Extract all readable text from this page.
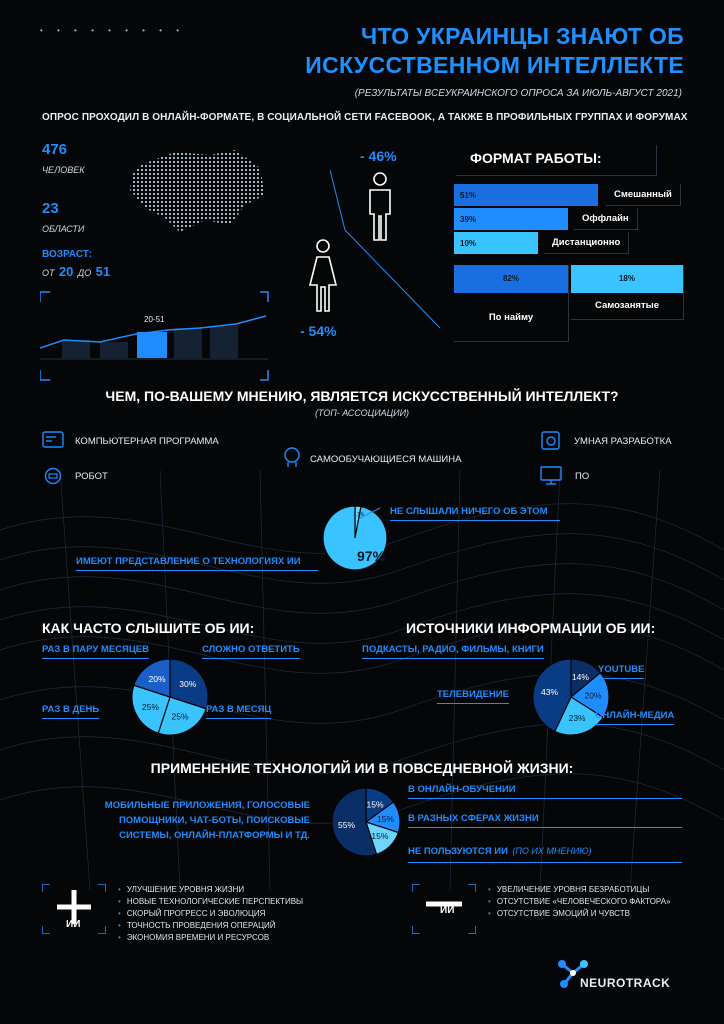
• • • • • • • • •	ЧТО УКРАИНЦЫ ЗНАЮТ ОБ
ИСКУССТВЕННОМ ИНТЕЛЛЕКТЕ
(РЕЗУЛЬТАТЫ ВСЕУКРАИНСКОГО ОПРОСА ЗА ИЮЛЬ-АВГУСТ 2021)
ОПРОС ПРОХОДИЛ В ОНЛАЙН-ФОРМАТЕ, В СОЦИАЛЬНОЙ СЕТИ FACEBOOK, А ТАКЖЕ В ПРОФИЛЬНЫХ ГРУППАХ И ФОРУМАХ
476
ЧЕЛОВЕК
23
ОБЛАСТИ
ВОЗРАСТ:
ОТ 20 ДО 51
20-51
- 46%
- 54%
ФОРМАТ РАБОТЫ:
51%	Смешанный
39%	Оффлайн
10%	Дистанционно
82%
По найму
18%
Самозанятые
ЧЕМ, ПО-ВАШЕМУ МНЕНИЮ, ЯВЛЯЕТСЯ ИСКУССТВЕННЫЙ ИНТЕЛЛЕКТ?
(ТОП- АССОЦИАЦИИ)
КОМПЬЮТЕРНАЯ ПРОГРАММА
РОБОТ
САМООБУЧАЮЩИЕСЯ МАШИНА
УМНАЯ РАЗРАБОТКА
ПО
97%
3%	НЕ СЛЫШАЛИ НИЧЕГО ОБ ЭТОМ
ИМЕЮТ ПРЕДСТАВЛЕНИЕ О ТЕХНОЛОГИЯХ ИИ
КАК ЧАСТО СЛЫШИТЕ ОБ ИИ:
30%
25%
25%
20%
РАЗ В ПАРУ МЕСЯЦЕВ	СЛОЖНО ОТВЕТИТЬ
РАЗ В ДЕНЬ	РАЗ В МЕСЯЦ
ИСТОЧНИКИ ИНФОРМАЦИИ ОБ ИИ:
14%
20%
23%
43%
ПОДКАСТЫ, РАДИО, ФИЛЬМЫ, КНИГИ
YOUTUBE
ТЕЛЕВИДЕНИЕ
ОНЛАЙН-МЕДИА
ПРИМЕНЕНИЕ ТЕХНОЛОГИЙ ИИ В ПОВСЕДНЕВНОЙ ЖИЗНИ:
МОБИЛЬНЫЕ ПРИЛОЖЕНИЯ, ГОЛОСОВЫЕ ПОМОЩНИКИ, ЧАТ-БОТЫ, ПОИСКОВЫЕ СИСТЕМЫ, ОНЛАЙН-ПЛАТФОРМЫ И ТД.
15%
15%
15%
55%
В ОНЛАЙН-ОБУЧЕНИИ
В РАЗНЫХ СФЕРАХ ЖИЗНИ
НЕ ПОЛЬЗУЮТСЯ ИИ (ПО ИХ МНЕНИЮ)
ИИ
• УЛУЧШЕНИЕ УРОВНЯ ЖИЗНИ
• НОВЫЕ ТЕХНОЛОГИЧЕСКИЕ ПЕРСПЕКТИВЫ
• СКОРЫЙ ПРОГРЕСС И ЭВОЛЮЦИЯ
• ТОЧНОСТЬ ПРОВЕДЕНИЯ ОПЕРАЦИЙ
• ЭКОНОМИЯ ВРЕМЕНИ И РЕСУРСОВ
ИИ
• УВЕЛИЧЕНИЕ УРОВНЯ БЕЗРАБОТИЦЫ
• ОТСУТСТВИЕ «ЧЕЛОВЕЧЕСКОГО ФАКТОРА»
• ОТСУТСТВИЕ ЭМОЦИЙ И ЧУВСТВ
NEUROTRACK
